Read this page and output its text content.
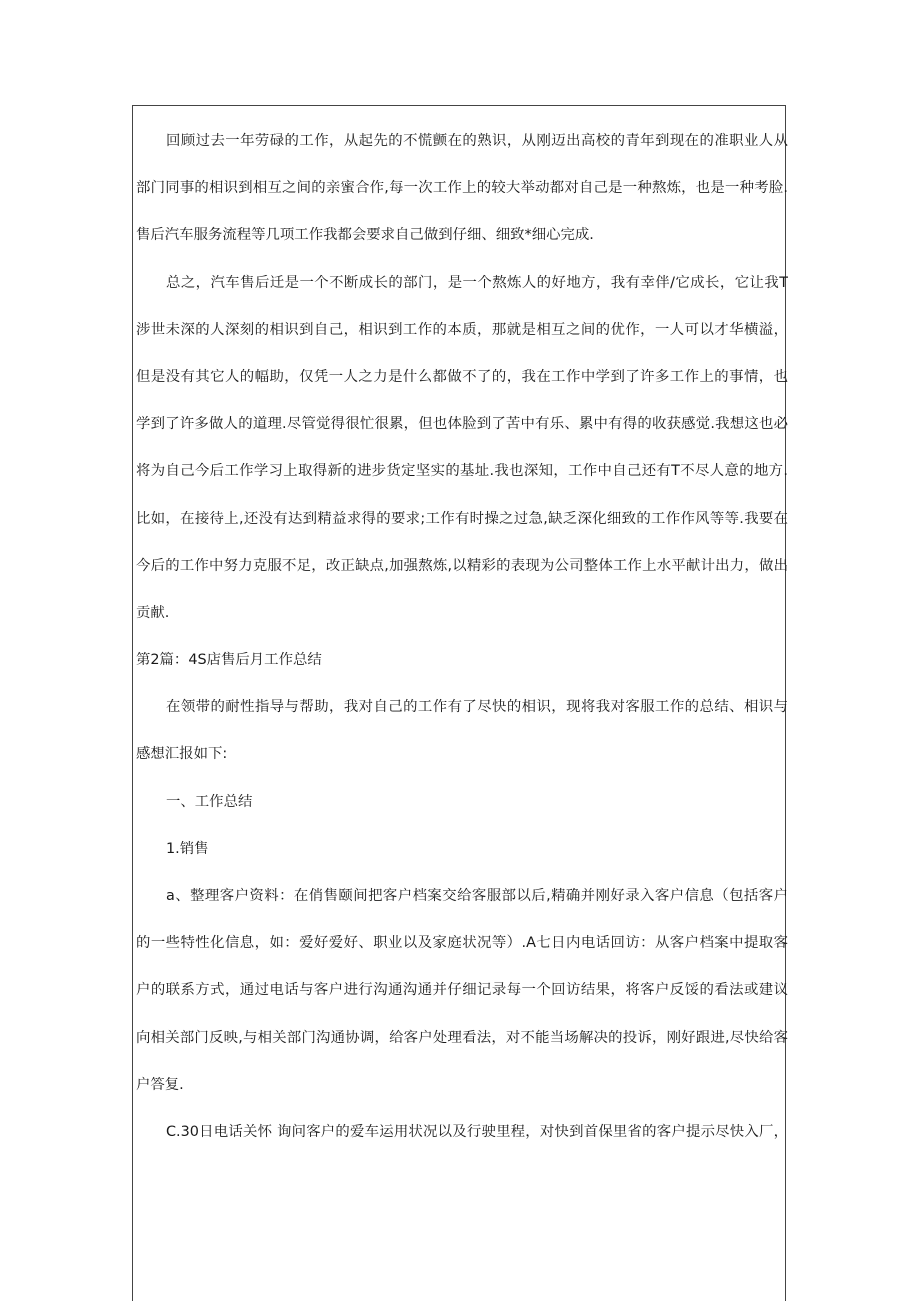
回顾过去一年劳碌的工作，从起先的不慌颤在的熟识，从刚迈出高校的青年到现在的准职业人从
部门同事的相识到相互之间的亲蜜合作,每一次工作上的较大举动都对自己是一种熬炼，也是一种考脸.
售后汽车服务流程等几项工作我都会要求自己做到仔细、细致*细心完成.
总之，汽车售后迁是一个不断成长的部门，是一个熬炼人的好地方，我有幸伴/它成长，它让我T
涉世未深的人深刻的相识到自己，相识到工作的本质，那就是相互之间的优作，一人可以才华横溢，
但是没有其它人的幅助，仅凭一人之力是什么都做不了的，我在工作中学到了许多工作上的事情，也
学到了许多做人的道理.尽管觉得很忙很累，但也体脸到了苦中有乐、累中有得的收获感觉.我想这也必
将为自己今后工作学习上取得新的进步货定坚实的基址.我也深知，工作中自己还有T不尽人意的地方.
比如，在接待上,还没有达到精益求得的要求;工作有时操之过急,缺乏深化细致的工作作风等等.我要在
今后的工作中努力克服不足，改正缺点,加强熬炼,以精彩的表现为公司整体工作上水平献计出力，做出
贡献.
第2篇：4S店售后月工作总结
在领带的耐性指导与帮助，我对自己的工作有了尽快的相识，现将我对客服工作的总结、相识与
感想汇报如下:
一、工作总结
1.销售
a、整理客户资料：在俏售颐间把客户档案交给客服部以后,精确并刚好录入客户信息（包括客户
的一些特性化信息，如：爱好爱好、职业以及家庭状况等）.A七日内电话回访：从客户档案中提取客
户的联系方式，通过电话与客户进行沟通沟通并仔细记录每一个回访结果，将客户反馁的看法或建议
向相关部门反映,与相关部门沟通协调，给客户处理看法，对不能当场解决的投诉，刚好跟进,尽快给客
户答复.
C.30日电话关怀 询问客户的爱车运用状况以及行驶里程，对快到首保里省的客户提示尽快入厂，
